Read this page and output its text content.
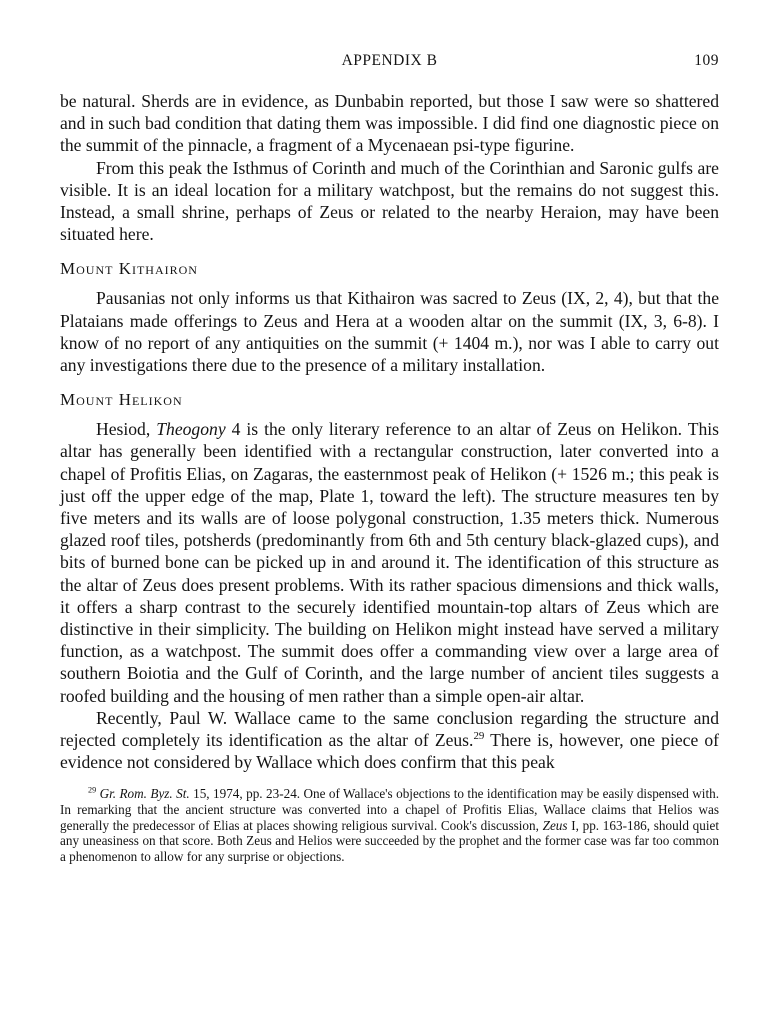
APPENDIX B	109

be natural. Sherds are in evidence, as Dunbabin reported, but those I saw were so shattered and in such bad condition that dating them was impossible. I did find one diagnostic piece on the summit of the pinnacle, a fragment of a Mycenaean psi-type figurine.

From this peak the Isthmus of Corinth and much of the Corinthian and Saronic gulfs are visible. It is an ideal location for a military watchpost, but the remains do not suggest this. Instead, a small shrine, perhaps of Zeus or related to the nearby Heraion, may have been situated here.

Mount Kithairon

Pausanias not only informs us that Kithairon was sacred to Zeus (IX, 2, 4), but that the Plataians made offerings to Zeus and Hera at a wooden altar on the summit (IX, 3, 6-8). I know of no report of any antiquities on the summit (+ 1404 m.), nor was I able to carry out any investigations there due to the presence of a military installation.

Mount Helikon

Hesiod, Theogony 4 is the only literary reference to an altar of Zeus on Helikon. This altar has generally been identified with a rectangular construction, later converted into a chapel of Profitis Elias, on Zagaras, the easternmost peak of Helikon (+ 1526 m.; this peak is just off the upper edge of the map, Plate 1, toward the left). The structure measures ten by five meters and its walls are of loose polygonal construction, 1.35 meters thick. Numerous glazed roof tiles, potsherds (predominantly from 6th and 5th century black-glazed cups), and bits of burned bone can be picked up in and around it. The identification of this structure as the altar of Zeus does present problems. With its rather spacious dimensions and thick walls, it offers a sharp contrast to the securely identified mountain-top altars of Zeus which are distinctive in their simplicity. The building on Helikon might instead have served a military function, as a watchpost. The summit does offer a commanding view over a large area of southern Boiotia and the Gulf of Corinth, and the large number of ancient tiles suggests a roofed building and the housing of men rather than a simple open-air altar.

Recently, Paul W. Wallace came to the same conclusion regarding the structure and rejected completely its identification as the altar of Zeus.$^{29}$ There is, however, one piece of evidence not considered by Wallace which does confirm that this peak

$^{29}$ Gr. Rom. Byz. St. 15, 1974, pp. 23-24. One of Wallace's objections to the identification may be easily dispensed with. In remarking that the ancient structure was converted into a chapel of Profitis Elias, Wallace claims that Helios was generally the predecessor of Elias at places showing religious survival. Cook's discussion, Zeus I, pp. 163-186, should quiet any uneasiness on that score. Both Zeus and Helios were succeeded by the prophet and the former case was far too common a phenomenon to allow for any surprise or objections.
